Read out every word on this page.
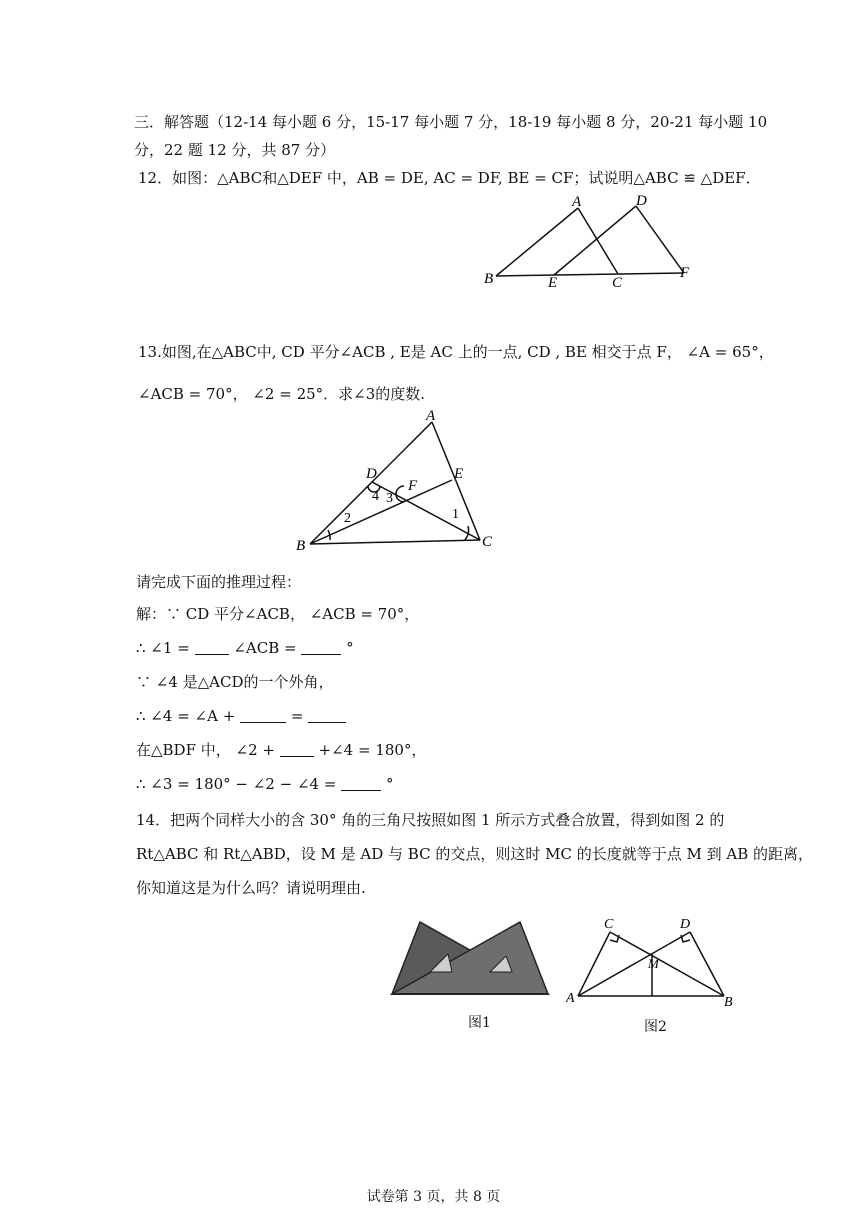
三．解答题（12-14 每小题 6 分，15-17 每小题 7 分，18-19 每小题 8 分，20-21 每小题 10
分，22 题 12 分，共 87 分）
12．如图：△ABC和△DEF 中，AB = DE, AC = DF, BE = CF；试说明△ABC ≌ △DEF．
A	D
B	E	C
F
13.如图,在△ABC中, CD 平分∠ACB , E是 AC 上的一点, CD , BE 相交于点 F， ∠A = 65°，
∠ACB = 70°， ∠2 = 25°．求∠3的度数.
A
D	E
F
B	C
4 3
2	1
请完成下面的推理过程：
解：∵ CD 平分∠ACB， ∠ACB = 70°，
∴ ∠1 =	∠ACB =	°
∵ ∠4 是△ACD的一个外角，
∴ ∠4 = ∠A +	=
在△BDF 中， ∠2 +	+∠4 = 180°，
∴ ∠3 = 180° − ∠2 − ∠4 =	°
14．把两个同样大小的含 30° 角的三角尺按照如图 1 所示方式叠合放置，得到如图 2 的
Rt△ABC 和 Rt△ABD，设 M 是 AD 与 BC 的交点，则这时 MC 的长度就等于点 M 到 AB 的距离，
你知道这是为什么吗？请说明理由.
图1
C	D
M
A	B
图2
试卷第 3 页，共 8 页
